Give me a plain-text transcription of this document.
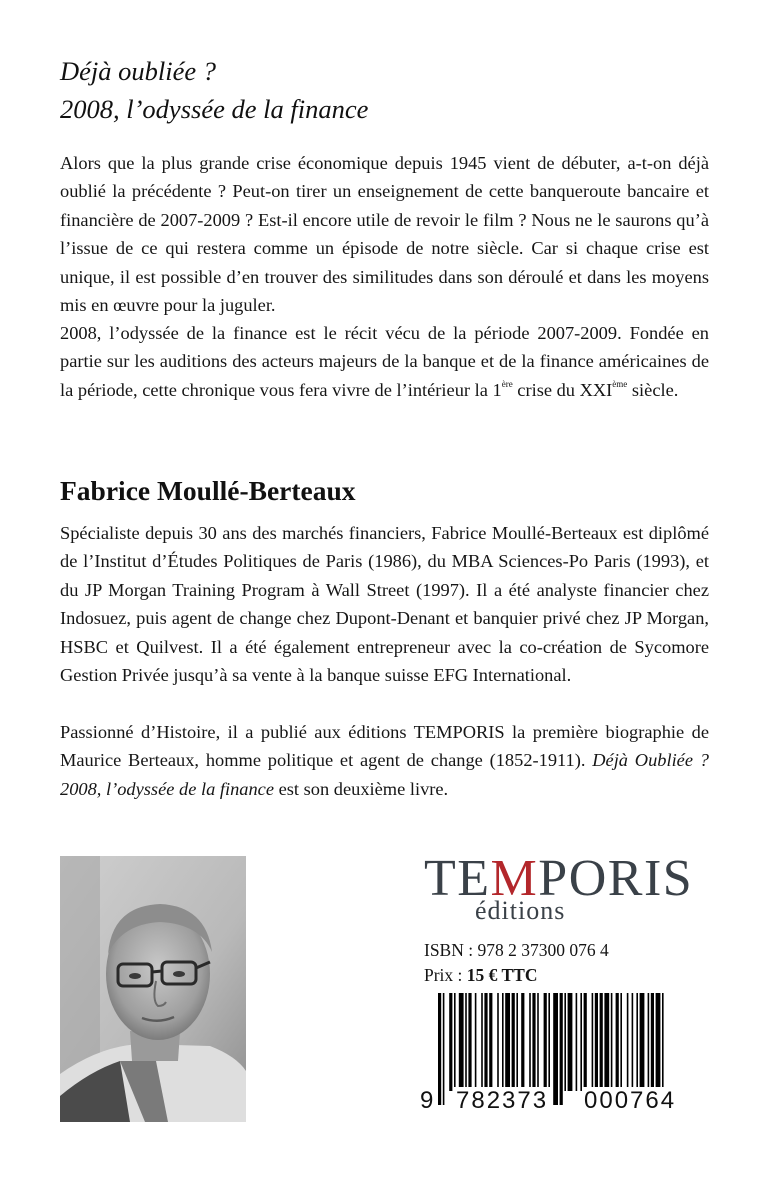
Déjà oubliée ?
2008, l’odyssée de la finance

Alors que la plus grande crise économique depuis 1945 vient de débuter, a-t-on déjà oublié la précédente ? Peut-on tirer un enseignement de cette banqueroute bancaire et financière de 2007-2009 ? Est-il encore utile de revoir le film ? Nous ne le saurons qu’à l’issue de ce qui restera comme un épisode de notre siècle. Car si chaque crise est unique, il est possible d’en trouver des similitudes dans son déroulé et dans les moyens mis en œuvre pour la juguler.

2008, l’odyssée de la finance est le récit vécu de la période 2007-2009. Fondée en partie sur les auditions des acteurs majeurs de la banque et de la finance américaines de la période, cette chronique vous fera vivre de l’intérieur la 1ère crise du XXIème siècle.

Fabrice Moullé-Berteaux

Spécialiste depuis 30 ans des marchés financiers, Fabrice Moullé-Berteaux est diplômé de l’Institut d’Études Politiques de Paris (1986), du MBA Sciences-Po Paris (1993), et du JP Morgan Training Program à Wall Street (1997). Il a été analyste financier chez Indosuez, puis agent de change chez Dupont-Denant et banquier privé chez JP Morgan, HSBC et Quilvest. Il a été également entrepreneur avec la co-création de Sycomore Gestion Privée jusqu’à sa vente à la banque suisse EFG International.

Passionné d’Histoire, il a publié aux éditions TEMPORIS la première biographie de Maurice Berteaux, homme politique et agent de change (1852-1911). Déjà Oubliée ? 2008, l’odyssée de la finance est son deuxième livre.

TEMPORIS
éditions
ISBN : 978 2 37300 076 4
Prix : 15 € TTC
9 782373 000764
